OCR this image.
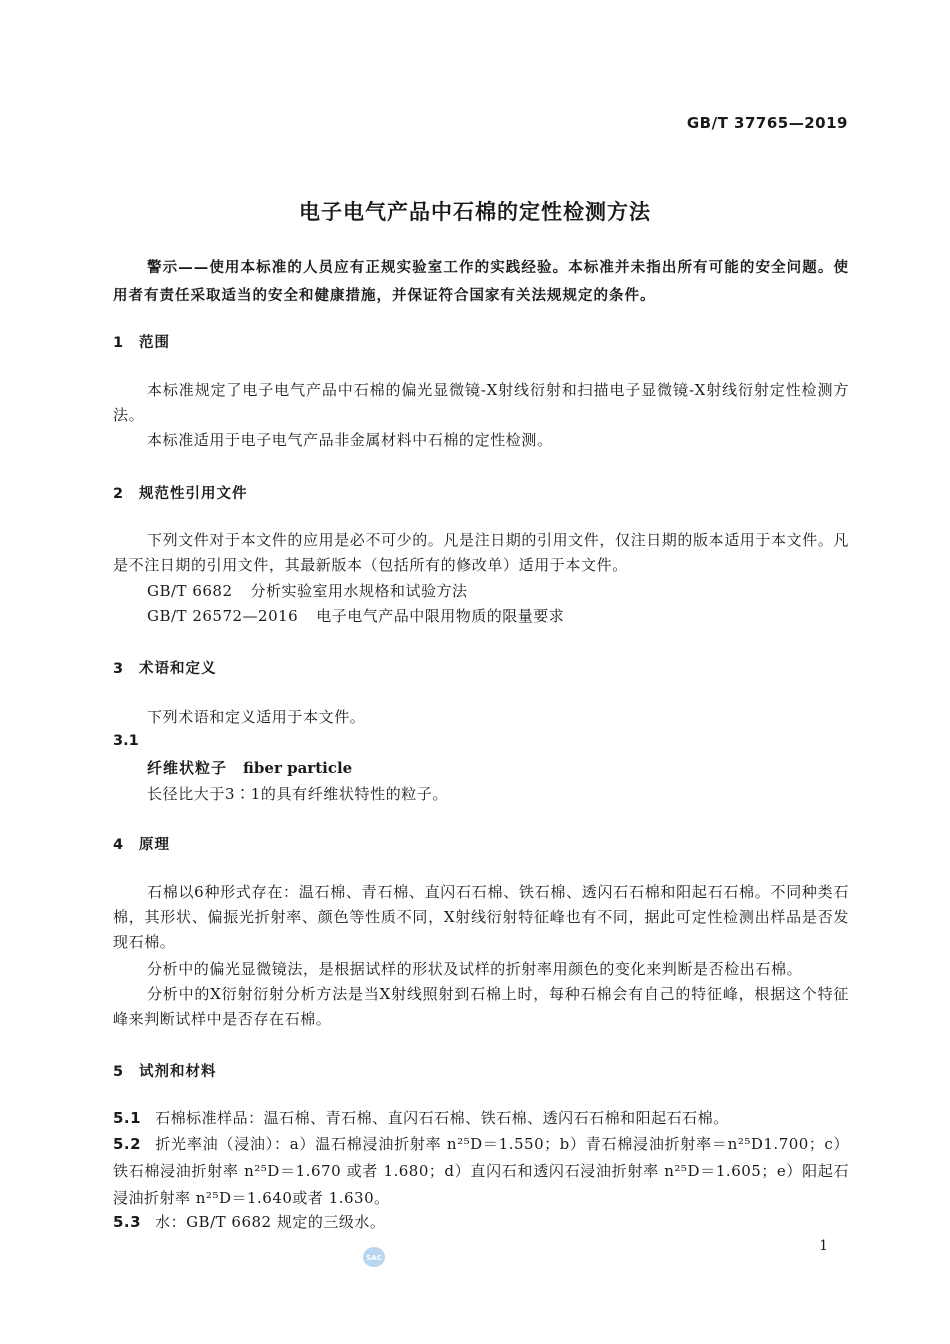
GB/T 37765—2019
电子电气产品中石棉的定性检测方法
警示——使用本标准的人员应有正规实验室工作的实践经验。本标准并未指出所有可能的安全问题。使用者有责任采取适当的安全和健康措施，并保证符合国家有关法规规定的条件。
1 范围
本标准规定了电子电气产品中石棉的偏光显微镜-X射线衍射和扫描电子显微镜-X射线衍射定性检测方法。
本标准适用于电子电气产品非金属材料中石棉的定性检测。
2 规范性引用文件
下列文件对于本文件的应用是必不可少的。凡是注日期的引用文件，仅注日期的版本适用于本文件。凡是不注日期的引用文件，其最新版本（包括所有的修改单）适用于本文件。
GB/T 6682 分析实验室用水规格和试验方法
GB/T 26572—2016 电子电气产品中限用物质的限量要求
3 术语和定义
下列术语和定义适用于本文件。
3.1
纤维状粒子 fiber particle
长径比大于3∶1的具有纤维状特性的粒子。
4 原理
石棉以6种形式存在：温石棉、青石棉、直闪石石棉、铁石棉、透闪石石棉和阳起石石棉。不同种类石棉，其形状、偏振光折射率、颜色等性质不同，X射线衍射特征峰也有不同，据此可定性检测出样品是否发现石棉。
分析中的偏光显微镜法，是根据试样的形状及试样的折射率用颜色的变化来判断是否检出石棉。
分析中的X衍射衍射分析方法是当X射线照射到石棉上时，每种石棉会有自己的特征峰，根据这个特征峰来判断试样中是否存在石棉。
5 试剂和材料
5.1 石棉标准样品：温石棉、青石棉、直闪石石棉、铁石棉、透闪石石棉和阳起石石棉。
5.2 折光率油（浸油）：a）温石棉浸油折射率 n²⁵D＝1.550；b）青石棉浸油折射率＝n²⁵D1.700；c）铁石棉浸油折射率 n²⁵D＝1.670 或者 1.680；d）直闪石和透闪石浸油折射率 n²⁵D＝1.605；e）阳起石浸油折射率 n²⁵D＝1.640或者 1.630。
5.3 水：GB/T 6682 规定的三级水。
1
SAC
